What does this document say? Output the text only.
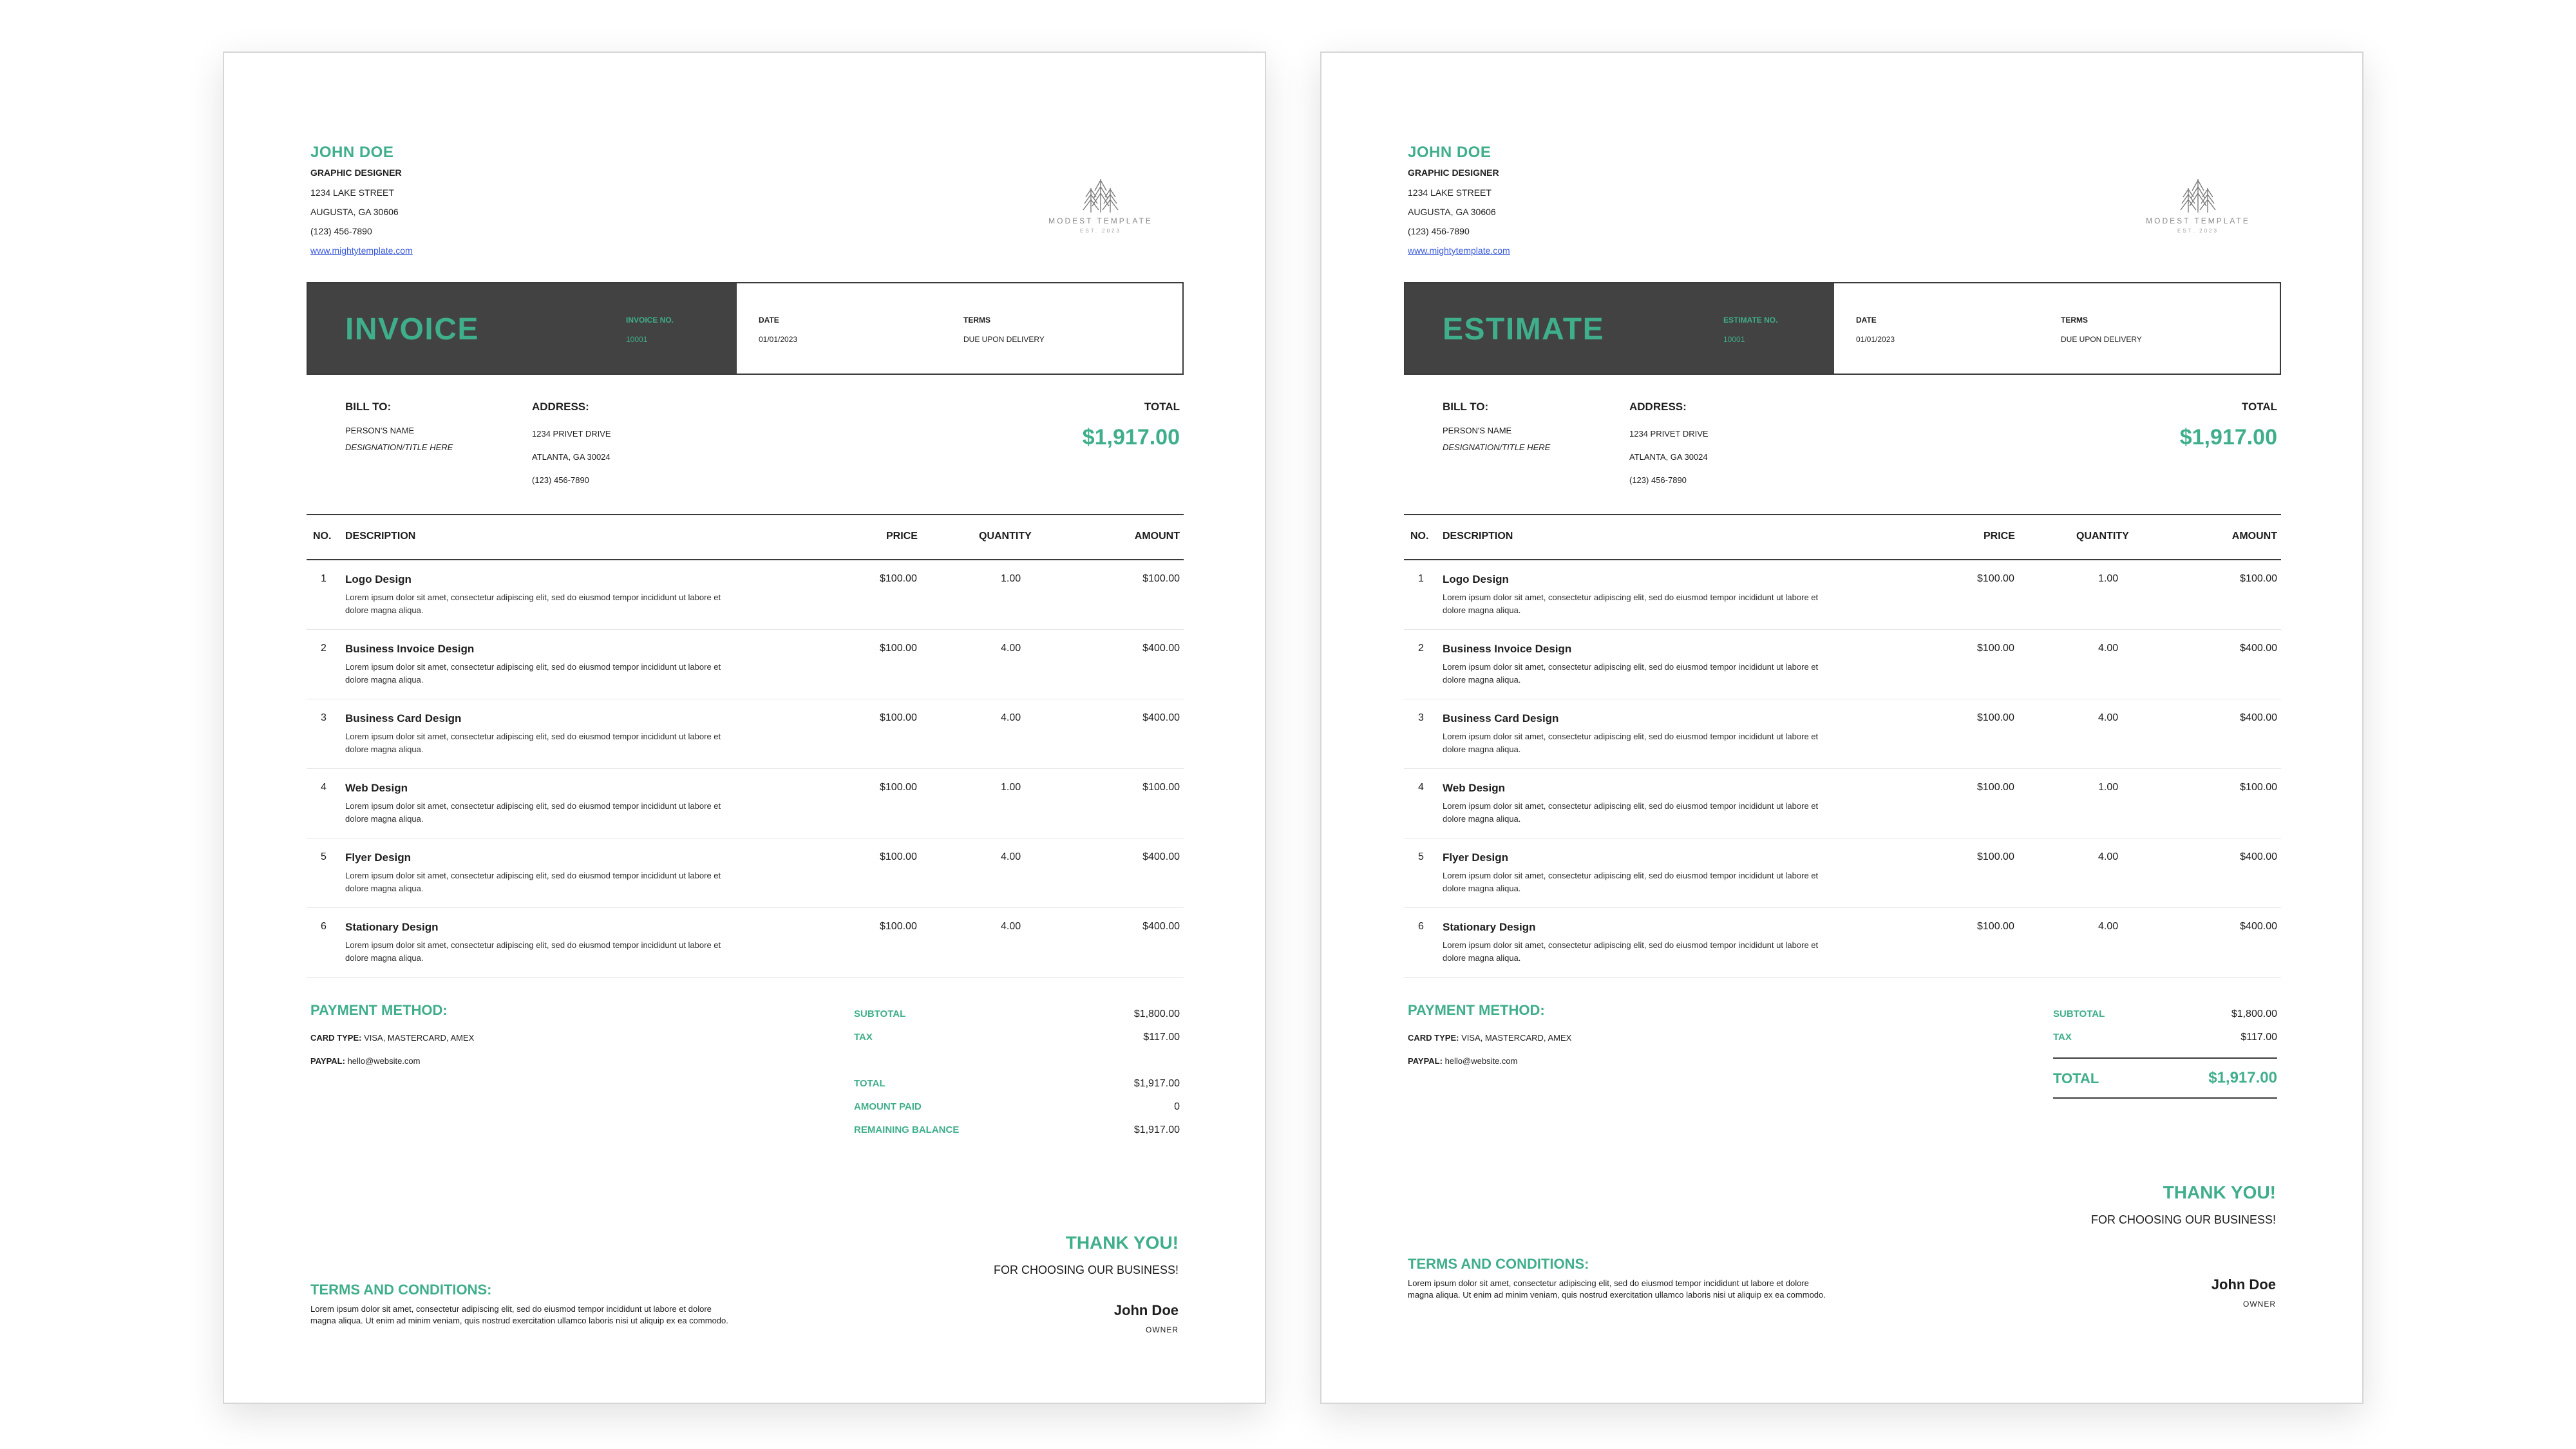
JOHN DOE
GRAPHIC DESIGNER
1234 LAKE STREET
AUGUSTA, GA 30606
(123) 456-7890
www.mightytemplate.com
MODEST TEMPLATE
EST. 2023
INVOICE	INVOICE NO.
10001
DATE
01/01/2023
TERMS
DUE UPON DELIVERY
BILL TO:
PERSON'S NAME
DESIGNATION/TITLE HERE
ADDRESS:
1234 PRIVET DRIVE
ATLANTA, GA 30024
(123) 456-7890
TOTAL
$1,917.00
NO. DESCRIPTION	PRICE	QUANTITY	AMOUNT
1 Logo Design
Lorem ipsum dolor sit amet, consectetur adipiscing elit, sed do eiusmod tempor incididunt ut labore et dolore magna aliqua.
$100.00	1.00	$100.00
2 Business Invoice Design
Lorem ipsum dolor sit amet, consectetur adipiscing elit, sed do eiusmod tempor incididunt ut labore et dolore magna aliqua.
$100.00	4.00	$400.00
3 Business Card Design
Lorem ipsum dolor sit amet, consectetur adipiscing elit, sed do eiusmod tempor incididunt ut labore et dolore magna aliqua.
$100.00	4.00	$400.00
4 Web Design
Lorem ipsum dolor sit amet, consectetur adipiscing elit, sed do eiusmod tempor incididunt ut labore et dolore magna aliqua.
$100.00	1.00	$100.00
5 Flyer Design
Lorem ipsum dolor sit amet, consectetur adipiscing elit, sed do eiusmod tempor incididunt ut labore et dolore magna aliqua.
$100.00	4.00	$400.00
6 Stationary Design
Lorem ipsum dolor sit amet, consectetur adipiscing elit, sed do eiusmod tempor incididunt ut labore et dolore magna aliqua.
$100.00	4.00	$400.00
PAYMENT METHOD:
CARD TYPE: VISA, MASTERCARD, AMEX
PAYPAL: hello@website.com
SUBTOTAL	$1,800.00
TAX	$117.00
TOTAL	$1,917.00
AMOUNT PAID	0
REMAINING BALANCE	$1,917.00
THANK YOU!
FOR CHOOSING OUR BUSINESS!
TERMS AND CONDITIONS:
Lorem ipsum dolor sit amet, consectetur adipiscing elit, sed do eiusmod tempor incididunt ut labore et dolore magna aliqua. Ut enim ad minim veniam, quis nostrud exercitation ullamco laboris nisi ut aliquip ex ea commodo.
John Doe
OWNER
JOHN DOE
GRAPHIC DESIGNER
1234 LAKE STREET
AUGUSTA, GA 30606
(123) 456-7890
www.mightytemplate.com
MODEST TEMPLATE
EST. 2023
ESTIMATE	ESTIMATE NO.
10001
DATE
01/01/2023
TERMS
DUE UPON DELIVERY
BILL TO:
PERSON'S NAME
DESIGNATION/TITLE HERE
ADDRESS:
1234 PRIVET DRIVE
ATLANTA, GA 30024
(123) 456-7890
TOTAL
$1,917.00
NO. DESCRIPTION	PRICE	QUANTITY	AMOUNT
1 Logo Design
Lorem ipsum dolor sit amet, consectetur adipiscing elit, sed do eiusmod tempor incididunt ut labore et dolore magna aliqua.
$100.00	1.00	$100.00
2 Business Invoice Design
Lorem ipsum dolor sit amet, consectetur adipiscing elit, sed do eiusmod tempor incididunt ut labore et dolore magna aliqua.
$100.00	4.00	$400.00
3 Business Card Design
Lorem ipsum dolor sit amet, consectetur adipiscing elit, sed do eiusmod tempor incididunt ut labore et dolore magna aliqua.
$100.00	4.00	$400.00
4 Web Design
Lorem ipsum dolor sit amet, consectetur adipiscing elit, sed do eiusmod tempor incididunt ut labore et dolore magna aliqua.
$100.00	1.00	$100.00
5 Flyer Design
Lorem ipsum dolor sit amet, consectetur adipiscing elit, sed do eiusmod tempor incididunt ut labore et dolore magna aliqua.
$100.00	4.00	$400.00
6 Stationary Design
Lorem ipsum dolor sit amet, consectetur adipiscing elit, sed do eiusmod tempor incididunt ut labore et dolore magna aliqua.
$100.00	4.00	$400.00
PAYMENT METHOD:
CARD TYPE: VISA, MASTERCARD, AMEX
PAYPAL: hello@website.com
SUBTOTAL	$1,800.00
TAX	$117.00
TOTAL	$1,917.00
THANK YOU!
FOR CHOOSING OUR BUSINESS!
TERMS AND CONDITIONS:
Lorem ipsum dolor sit amet, consectetur adipiscing elit, sed do eiusmod tempor incididunt ut labore et dolore magna aliqua. Ut enim ad minim veniam, quis nostrud exercitation ullamco laboris nisi ut aliquip ex ea commodo.
John Doe
OWNER
